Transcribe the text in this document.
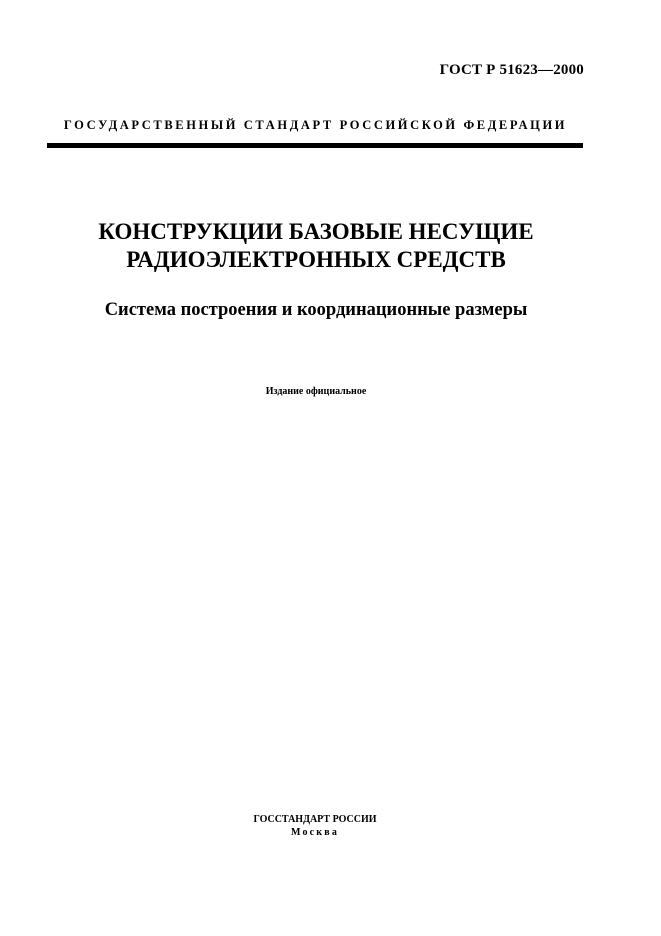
ГОСТ Р 51623—2000
ГОСУДАРСТВЕННЫЙ СТАНДАРТ РОССИЙСКОЙ ФЕДЕРАЦИИ
КОНСТРУКЦИИ БАЗОВЫЕ НЕСУЩИЕ
РАДИОЭЛЕКТРОННЫХ СРЕДСТВ
Система построения и координационные размеры
Издание официальное
ГОССТАНДАРТ РОССИИ
Москва
